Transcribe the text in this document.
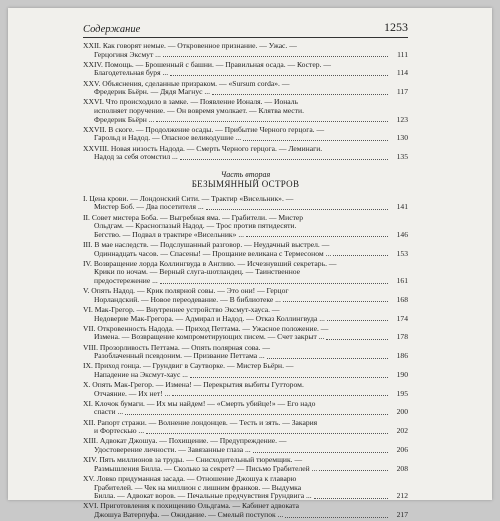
Содержание	1253
XXII. Как говорят немые. — Откровенное признание. — Ужас. —
Герцогиня Эксмут ...	111
XXIV. Помощь. — Брошенный с башни. — Правильная осада. — Костер. —
Благодетельная буря ...	114
XXV. Объяснения, сделанные призраком. — «Sursum corda». —
Фредерик Бьёрн. — Дядя Магнус ...	117
XXVI. Что происходило в замке. — Появление Ионаля. — Иональ
исполняет поручение. — Он вовремя умолкает. — Клятва мести.
Фредерик Бьёрн ...	123
XXVII. В скоге. — Продолжение осады. — Прибытие Черного герцога. —
Гарольд и Надод. — Опасное великодушие ...	130
XXVIII. Новая низость Надода. — Смерть Черного герцога. — Леминаги.
Надод за себя отомстил ...	135
Часть вторая
БЕЗЫМЯННЫЙ ОСТРОВ
I. Цена крови. — Лондонский Сити. — Трактир «Висельник». —
Мистер Боб. — Два посетителя ...	141
II. Совет мистера Боба. — Выгребная яма. — Грабители. — Мистер
Ольдгам. — Красноглазый Надод. — Трос против пятидесяти.
Бегство. — Подвал в трактире «Висельник» ...	146
III. В мае наследств. — Подслушанный разговор. — Неудачный выстрел. —
Одиннадцать часов. — Спасены! — Прощание великана с Термесоном ...	153
IV. Возвращение лорда Коллингвуда в Англию. — Исчезнувший секретарь. —
Крики по ночам. — Верный слуга-шотландец. — Таинственное
предостережение ...	161
V. Опять Надод. — Крик полярной совы. — Это они! — Герцог
Норландский. — Новое переодевание. — В библиотеке ...	168
VI. Мак-Грегор. — Внутреннее устройство Эксмут-хауса. —
Недоверие Мак-Грегора. — Адмирал и Надод. — Отказ Коллингвуда ...	174
VII. Откровенность Надода. — Приход Петтама. — Ужасное положение. —
Измена. — Возвращение компрометирующих писем. — Счет закрыт ...	178
VIII. Прозорливость Петтама. — Опять полярная сова. —
Разоблаченный псевдоним. — Призвание Петтама ...	186
IX. Приход гонца. — Грундвиг в Саутворке. — Мистер Бьёрн. —
Нападение на Эксмут-хаус ...	190
X. Опять Мак-Грегор. — Измена! — Перекрытия выбиты Гуттором.
Отчаяние. — Их нет! ...	195
XI. Клочок бумаги. — Их мы найдем! — «Смерть убийце!» — Его надо
спасти ...	200
XII. Рапорт стражи. — Волнение лондонцев. — Тесть и зять. — Закария
и Фортескью ...	202
XIII. Адвокат Джошуа. — Похищение. — Предупреждение. —
Удостоверение личности. — Завязанные глаза ...	206
XIV. Пять миллионов за труды. — Снисходительный тюремщик. —
Размышления Билла. — Сколько за секрет? — Письмо Грабителей ...	208
XV. Ловко придуманная засада. — Отношение Джошуа к главарю
Грабителей. — Чек на миллион с лишним франков. — Выдумка
Билла. — Адвокат воров. — Печальные предчувствия Грундвига ...	212
XVI. Приготовления к похищению Ольдгама. — Кабинет адвоката
Джошуа Ватерпуфа. — Ожидание. — Смелый поступок ...	217
